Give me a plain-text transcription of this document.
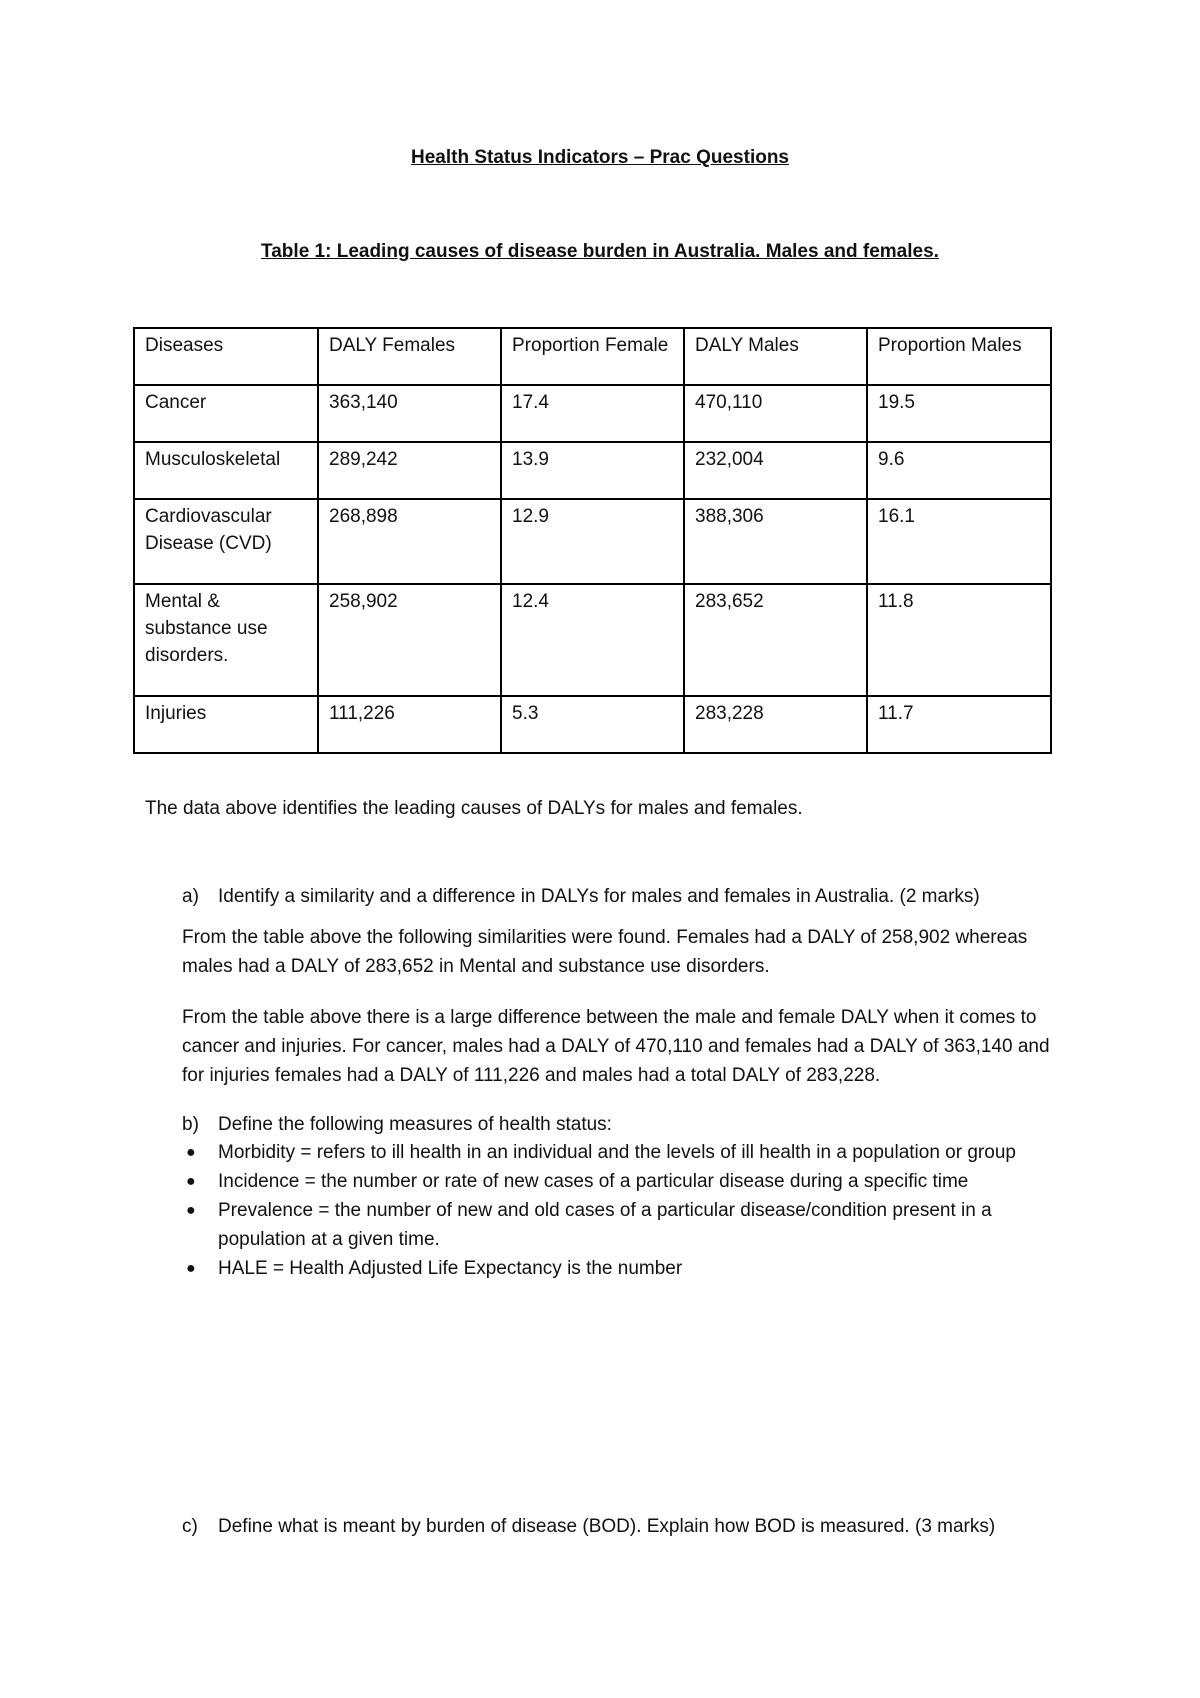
Health Status Indicators – Prac Questions
Table 1: Leading causes of disease burden in Australia. Males and females.
Diseases	DALY Females	Proportion Female	DALY Males	Proportion Males
Cancer	363,140	17.4	470,110	19.5
Musculoskeletal	289,242	13.9	232,004	9.6
Cardiovascular Disease (CVD)	268,898	12.9	388,306	16.1
Mental & substance use disorders.	258,902	12.4	283,652	11.8
Injuries	111,226	5.3	283,228	11.7
The data above identifies the leading causes of DALYs for males and females.
a) Identify a similarity and a difference in DALYs for males and females in Australia. (2 marks)
From the table above the following similarities were found. Females had a DALY of 258,902 whereas males had a DALY of 283,652 in Mental and substance use disorders.
From the table above there is a large difference between the male and female DALY when it comes to cancer and injuries. For cancer, males had a DALY of 470,110 and females had a DALY of 363,140 and for injuries females had a DALY of 111,226 and males had a total DALY of 283,228.
b) Define the following measures of health status:
● Morbidity = refers to ill health in an individual and the levels of ill health in a population or group
● Incidence = the number or rate of new cases of a particular disease during a specific time
● Prevalence = the number of new and old cases of a particular disease/condition present in a population at a given time.
● HALE = Health Adjusted Life Expectancy is the number
c) Define what is meant by burden of disease (BOD). Explain how BOD is measured. (3 marks)
